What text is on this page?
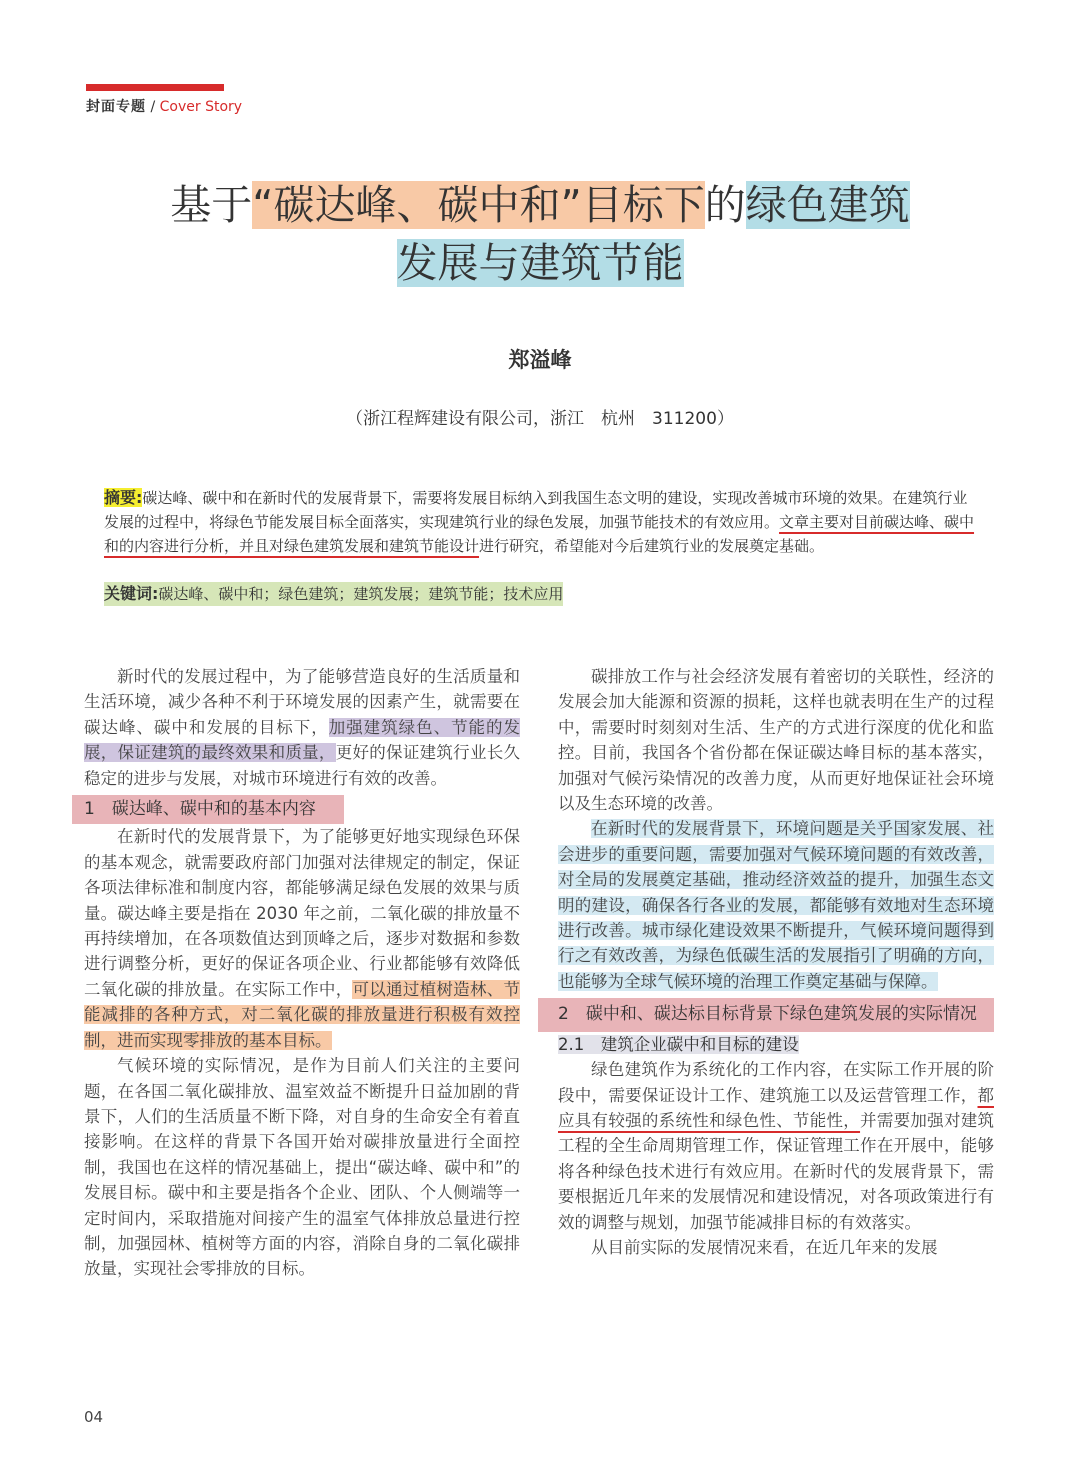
封面专题 / Cover Story
基于“碳达峰、碳中和”目标下的绿色建筑
发展与建筑节能
郑溢峰
（浙江程辉建设有限公司，浙江　杭州　311200）
摘要:碳达峰、碳中和在新时代的发展背景下，需要将发展目标纳入到我国生态文明的建设，实现改善城市环境的效果。在建筑行业发展的过程中，将绿色节能发展目标全面落实，实现建筑行业的绿色发展，加强节能技术的有效应用。文章主要对目前碳达峰、碳中和的内容进行分析，并且对绿色建筑发展和建筑节能设计进行研究，希望能对今后建筑行业的发展奠定基础。
关键词:碳达峰、碳中和；绿色建筑；建筑发展；建筑节能；技术应用

新时代的发展过程中，为了能够营造良好的生活质量和生活环境，减少各种不利于环境发展的因素产生，就需要在碳达峰、碳中和发展的目标下，加强建筑绿色、节能的发展，保证建筑的最终效果和质量，更好的保证建筑行业长久稳定的进步与发展，对城市环境进行有效的改善。

1　碳达峰、碳中和的基本内容

在新时代的发展背景下，为了能够更好地实现绿色环保的基本观念，就需要政府部门加强对法律规定的制定，保证各项法律标准和制度内容，都能够满足绿色发展的效果与质量。碳达峰主要是指在 2030 年之前，二氧化碳的排放量不再持续增加，在各项数值达到顶峰之后，逐步对数据和参数进行调整分析，更好的保证各项企业、行业都能够有效降低二氧化碳的排放量。在实际工作中，可以通过植树造林、节能减排的各种方式，对二氧化碳的排放量进行积极有效控制，进而实现零排放的基本目标。

气候环境的实际情况，是作为目前人们关注的主要问题，在各国二氧化碳排放、温室效益不断提升日益加剧的背景下，人们的生活质量不断下降，对自身的生命安全有着直接影响。在这样的背景下各国开始对碳排放量进行全面控制，我国也在这样的情况基础上，提出“碳达峰、碳中和”的发展目标。碳中和主要是指各个企业、团队、个人侧端等一定时间内，采取措施对间接产生的温室气体排放总量进行控制，加强园林、植树等方面的内容，消除自身的二氧化碳排放量，实现社会零排放的目标。

碳排放工作与社会经济发展有着密切的关联性，经济的发展会加大能源和资源的损耗，这样也就表明在生产的过程中，需要时时刻刻对生活、生产的方式进行深度的优化和监控。目前，我国各个省份都在保证碳达峰目标的基本落实，加强对气候污染情况的改善力度，从而更好地保证社会环境以及生态环境的改善。

在新时代的发展背景下，环境问题是关乎国家发展、社会进步的重要问题，需要加强对气候环境问题的有效改善，对全局的发展奠定基础，推动经济效益的提升，加强生态文明的建设，确保各行各业的发展，都能够有效地对生态环境进行改善。城市绿化建设效果不断提升，气候环境问题得到行之有效改善，为绿色低碳生活的发展指引了明确的方向，也能够为全球气候环境的治理工作奠定基础与保障。

2　碳中和、碳达标目标背景下绿色建筑发展的实际情况
2.1　建筑企业碳中和目标的建设

绿色建筑作为系统化的工作内容，在实际工作开展的阶段中，需要保证设计工作、建筑施工以及运营管理工作，都应具有较强的系统性和绿色性、节能性，并需要加强对建筑工程的全生命周期管理工作，保证管理工作在开展中，能够将各种绿色技术进行有效应用。在新时代的发展背景下，需要根据近几年来的发展情况和建设情况，对各项政策进行有效的调整与规划，加强节能减排目标的有效落实。

从目前实际的发展情况来看，在近几年来的发展

04
